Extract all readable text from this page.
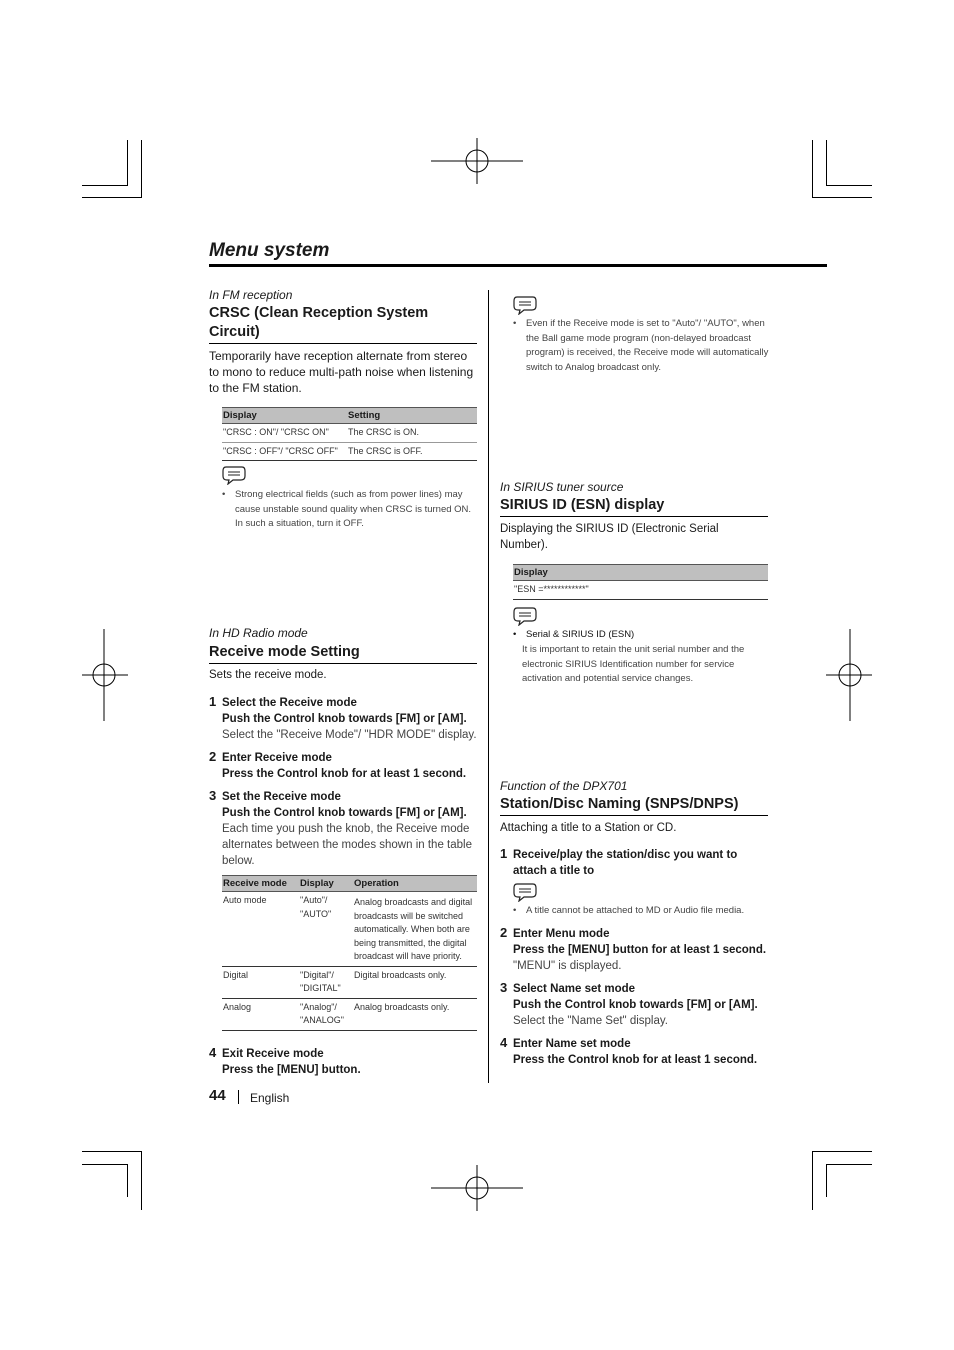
Menu system
In FM reception
CRSC (Clean Reception System Circuit)
Temporarily have reception alternate from stereo to mono to reduce multi-path noise when listening to the FM station.
Display	Setting
"CRSC : ON"/ "CRSC ON"	The CRSC is ON.
"CRSC : OFF"/ "CRSC OFF"	The CRSC is OFF.
• Strong electrical fields (such as from power lines) may cause unstable sound quality when CRSC is turned ON. In such a situation, turn it OFF.
In HD Radio mode
Receive mode Setting
Sets the receive mode.
1 Select the Receive mode
Push the Control knob towards [FM] or [AM].
Select the "Receive Mode"/ "HDR MODE" display.
2 Enter Receive mode
Press the Control knob for at least 1 second.
3 Set the Receive mode
Push the Control knob towards [FM] or [AM].
Each time you push the knob, the Receive mode alternates between the modes shown in the table below.
Receive mode	Display	Operation
Auto mode	"Auto"/ "AUTO"	Analog broadcasts and digital broadcasts will be switched automatically. When both are being transmitted, the digital broadcast will have priority.
Digital	"Digital"/ "DIGITAL"	Digital broadcasts only.
Analog	"Analog"/ "ANALOG"	Analog broadcasts only.
4 Exit Receive mode
Press the [MENU] button.
• Even if the Receive mode is set to "Auto"/ "AUTO", when the Ball game mode program (non-delayed broadcast program) is received, the Receive mode will automatically switch to Analog broadcast only.
In SIRIUS tuner source
SIRIUS ID (ESN) display
Displaying the SIRIUS ID (Electronic Serial Number).
Display
"ESN =************"
• Serial & SIRIUS ID (ESN)
It is important to retain the unit serial number and the electronic SIRIUS Identification number for service activation and potential service changes.
Function of the DPX701
Station/Disc Naming (SNPS/DNPS)
Attaching a title to a Station or CD.
1 Receive/play the station/disc you want to attach a title to
• A title cannot be attached to MD or Audio file media.
2 Enter Menu mode
Press the [MENU] button for at least 1 second.
"MENU" is displayed.
3 Select Name set mode
Push the Control knob towards [FM] or [AM].
Select the "Name Set" display.
4 Enter Name set mode
Press the Control knob for at least 1 second.
44 English
